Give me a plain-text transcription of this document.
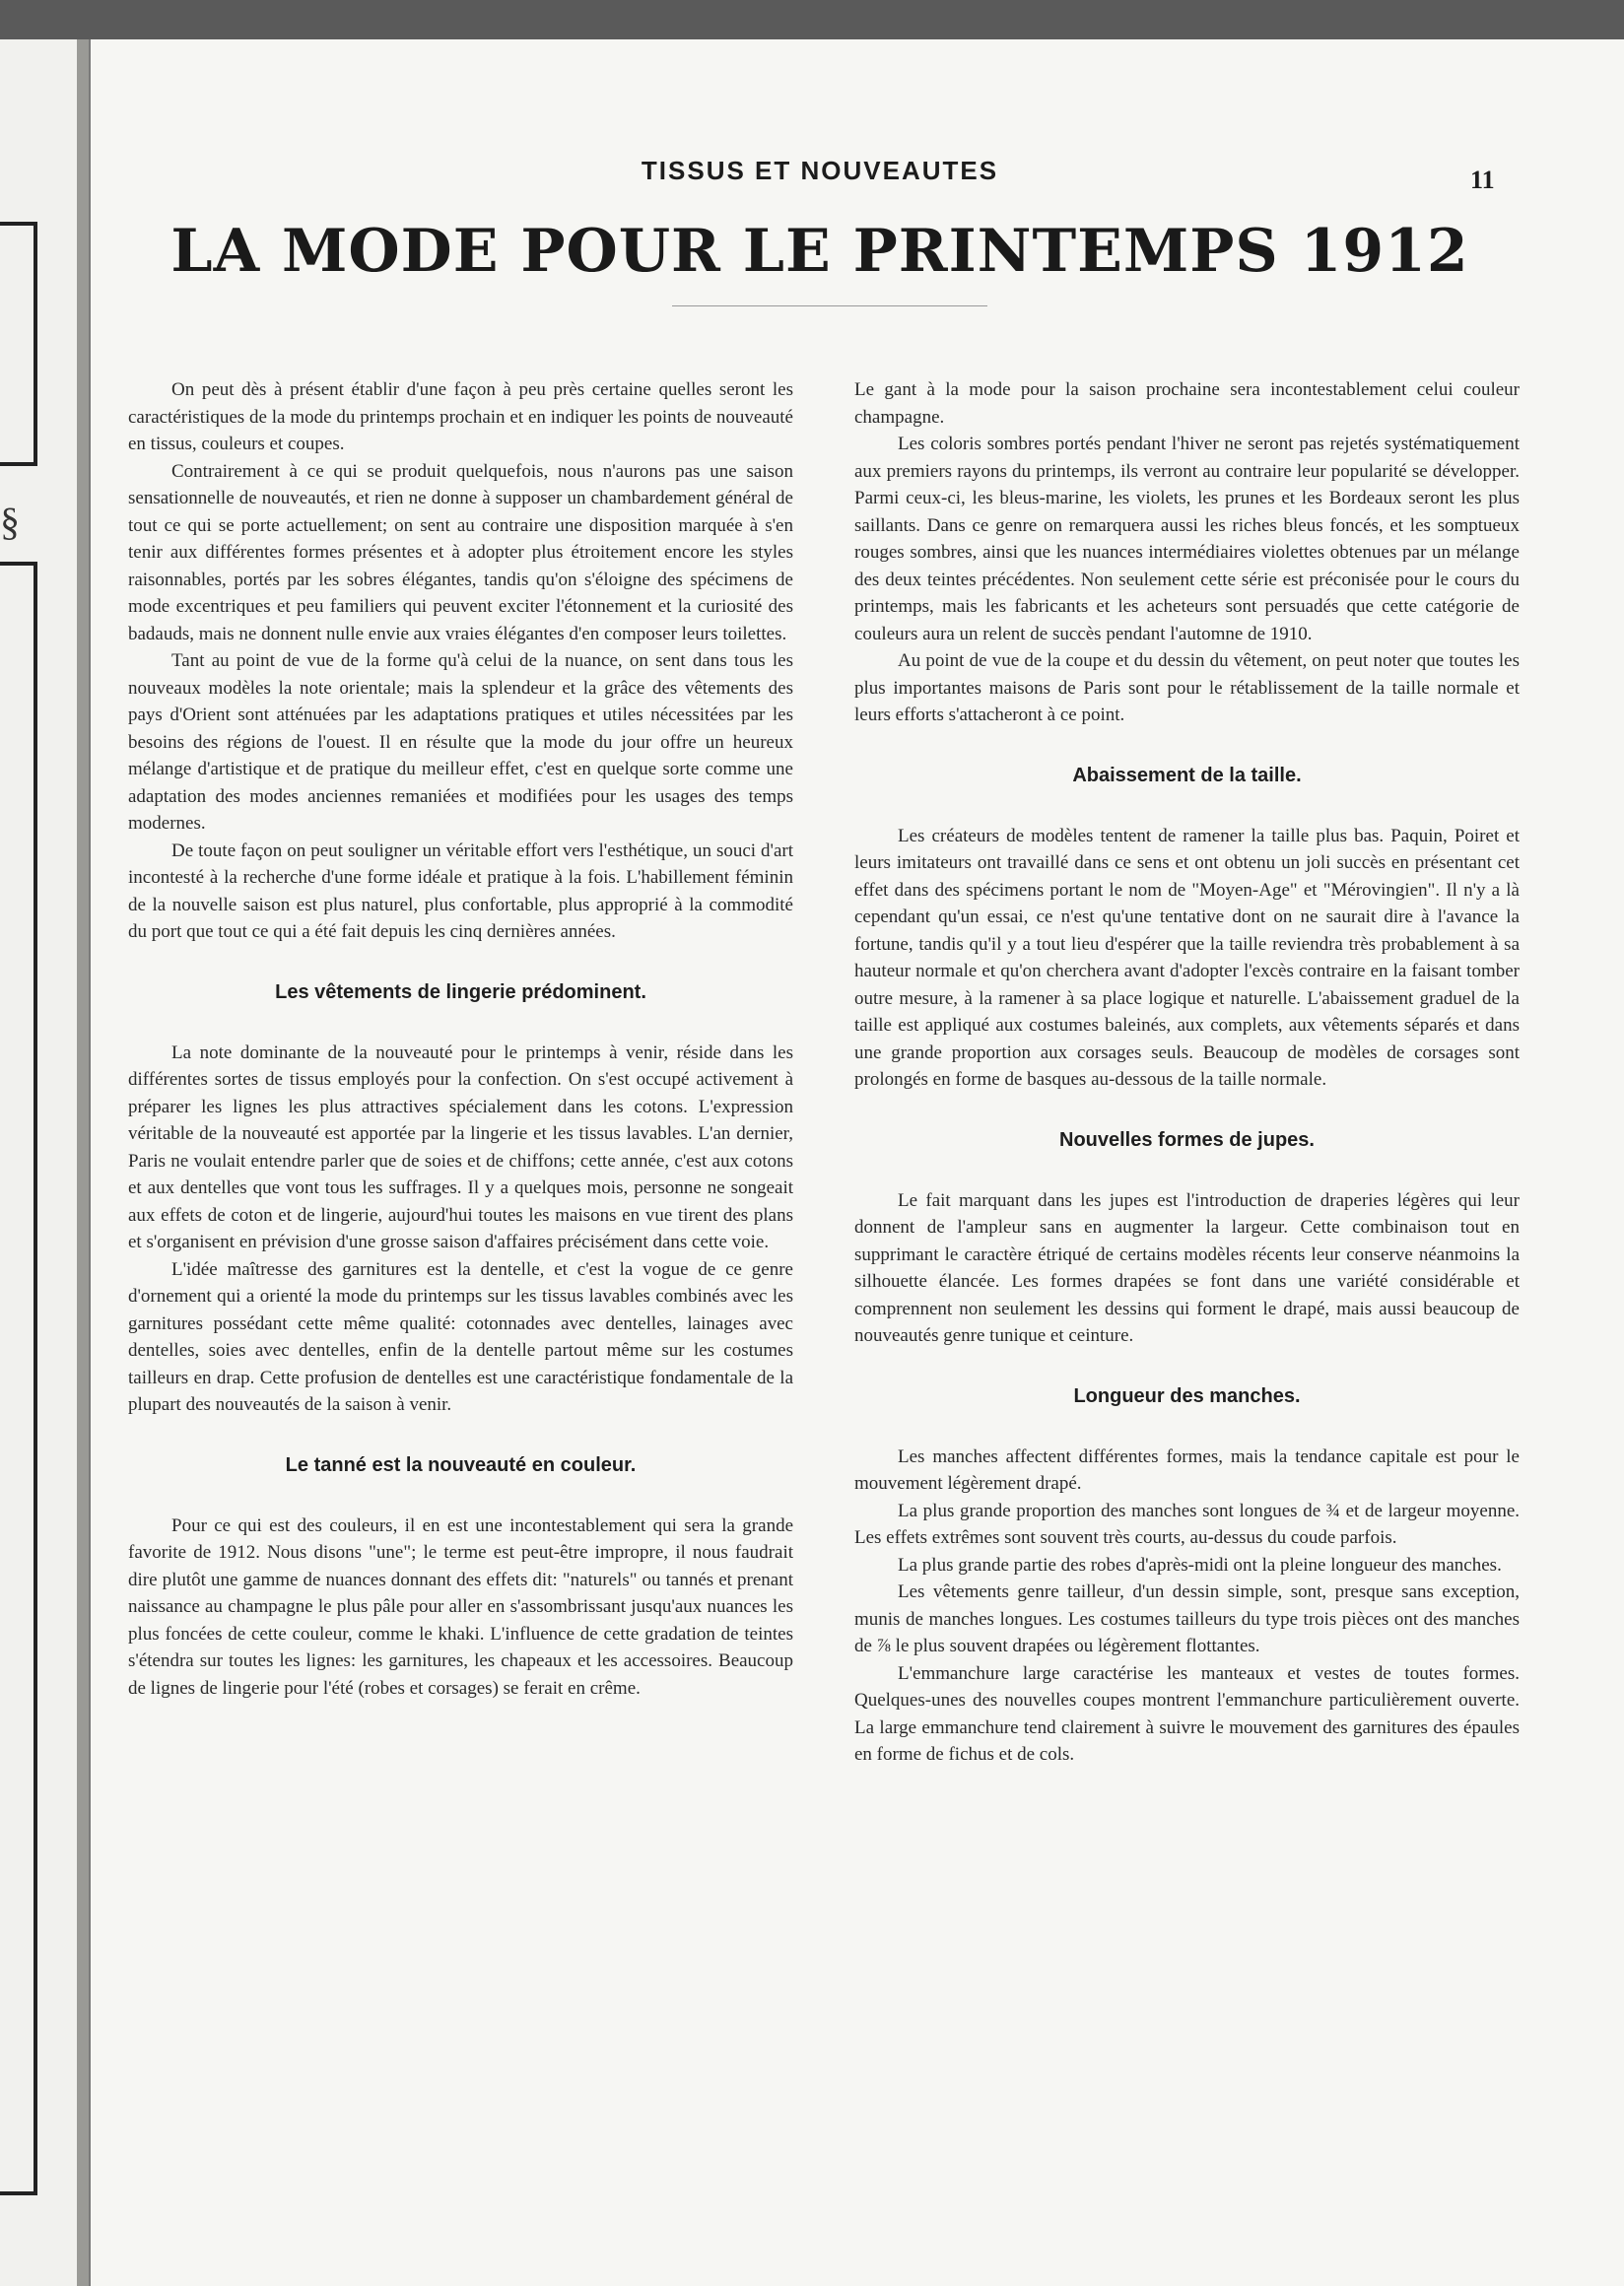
§
TISSUS ET NOUVEAUTES	11
LA MODE POUR LE PRINTEMPS 1912

On peut dès à présent établir d'une façon à peu près certaine quelles seront les caractéristiques de la mode du printemps prochain et en indiquer les points de nouveauté en tissus, couleurs et coupes.

Contrairement à ce qui se produit quelquefois, nous n'aurons pas une saison sensationnelle de nouveautés, et rien ne donne à supposer un chambardement général de tout ce qui se porte actuellement; on sent au contraire une disposition marquée à s'en tenir aux différentes formes présentes et à adopter plus étroitement encore les styles raisonnables, portés par les sobres élégantes, tandis qu'on s'éloigne des spécimens de mode excentriques et peu familiers qui peuvent exciter l'étonnement et la curiosité des badauds, mais ne donnent nulle envie aux vraies élégantes d'en composer leurs toilettes.

Tant au point de vue de la forme qu'à celui de la nuance, on sent dans tous les nouveaux modèles la note orientale; mais la splendeur et la grâce des vêtements des pays d'Orient sont atténuées par les adaptations pratiques et utiles nécessitées par les besoins des régions de l'ouest. Il en résulte que la mode du jour offre un heureux mélange d'artistique et de pratique du meilleur effet, c'est en quelque sorte comme une adaptation des modes anciennes remaniées et modifiées pour les usages des temps modernes.

De toute façon on peut souligner un véritable effort vers l'esthétique, un souci d'art incontesté à la recherche d'une forme idéale et pratique à la fois. L'habillement féminin de la nouvelle saison est plus naturel, plus confortable, plus approprié à la commodité du port que tout ce qui a été fait depuis les cinq dernières années.

Les vêtements de lingerie prédominent.

La note dominante de la nouveauté pour le printemps à venir, réside dans les différentes sortes de tissus employés pour la confection. On s'est occupé activement à préparer les lignes les plus attractives spécialement dans les cotons. L'expression véritable de la nouveauté est apportée par la lingerie et les tissus lavables. L'an dernier, Paris ne voulait entendre parler que de soies et de chiffons; cette année, c'est aux cotons et aux dentelles que vont tous les suffrages. Il y a quelques mois, personne ne songeait aux effets de coton et de lingerie, aujourd'hui toutes les maisons en vue tirent des plans et s'organisent en prévision d'une grosse saison d'affaires précisément dans cette voie.

L'idée maîtresse des garnitures est la dentelle, et c'est la vogue de ce genre d'ornement qui a orienté la mode du printemps sur les tissus lavables combinés avec les garnitures possédant cette même qualité: cotonnades avec dentelles, lainages avec dentelles, soies avec dentelles, enfin de la dentelle partout même sur les costumes tailleurs en drap. Cette profusion de dentelles est une caractéristique fondamentale de la plupart des nouveautés de la saison à venir.

Le tanné est la nouveauté en couleur.

Pour ce qui est des couleurs, il en est une incontestablement qui sera la grande favorite de 1912. Nous disons "une"; le terme est peut-être impropre, il nous faudrait dire plutôt une gamme de nuances donnant des effets dit: "naturels" ou tannés et prenant naissance au champagne le plus pâle pour aller en s'assombrissant jusqu'aux nuances les plus foncées de cette couleur, comme le khaki. L'influence de cette gradation de teintes s'étendra sur toutes les lignes: les garnitures, les chapeaux et les accessoires. Beaucoup de lignes de lingerie pour l'été (robes et corsages) se ferait en crême.

Le gant à la mode pour la saison prochaine sera incontestablement celui couleur champagne.

Les coloris sombres portés pendant l'hiver ne seront pas rejetés systématiquement aux premiers rayons du printemps, ils verront au contraire leur popularité se développer. Parmi ceux-ci, les bleus-marine, les violets, les prunes et les Bordeaux seront les plus saillants. Dans ce genre on remarquera aussi les riches bleus foncés, et les somptueux rouges sombres, ainsi que les nuances intermédiaires violettes obtenues par un mélange des deux teintes précédentes. Non seulement cette série est préconisée pour le cours du printemps, mais les fabricants et les acheteurs sont persuadés que cette catégorie de couleurs aura un relent de succès pendant l'automne de 1910.

Au point de vue de la coupe et du dessin du vêtement, on peut noter que toutes les plus importantes maisons de Paris sont pour le rétablissement de la taille normale et leurs efforts s'attacheront à ce point.

Abaissement de la taille.

Les créateurs de modèles tentent de ramener la taille plus bas. Paquin, Poiret et leurs imitateurs ont travaillé dans ce sens et ont obtenu un joli succès en présentant cet effet dans des spécimens portant le nom de "Moyen-Age" et "Mérovingien". Il n'y a là cependant qu'un essai, ce n'est qu'une tentative dont on ne saurait dire à l'avance la fortune, tandis qu'il y a tout lieu d'espérer que la taille reviendra très probablement à sa hauteur normale et qu'on cherchera avant d'adopter l'excès contraire en la faisant tomber outre mesure, à la ramener à sa place logique et naturelle. L'abaissement graduel de la taille est appliqué aux costumes baleinés, aux complets, aux vêtements séparés et dans une grande proportion aux corsages seuls. Beaucoup de modèles de corsages sont prolongés en forme de basques au-dessous de la taille normale.

Nouvelles formes de jupes.

Le fait marquant dans les jupes est l'introduction de draperies légères qui leur donnent de l'ampleur sans en augmenter la largeur. Cette combinaison tout en supprimant le caractère étriqué de certains modèles récents leur conserve néanmoins la silhouette élancée. Les formes drapées se font dans une variété considérable et comprennent non seulement les dessins qui forment le drapé, mais aussi beaucoup de nouveautés genre tunique et ceinture.

Longueur des manches.

Les manches affectent différentes formes, mais la tendance capitale est pour le mouvement légèrement drapé.

La plus grande proportion des manches sont longues de ¾ et de largeur moyenne. Les effets extrêmes sont souvent très courts, au-dessus du coude parfois.

La plus grande partie des robes d'après-midi ont la pleine longueur des manches.

Les vêtements genre tailleur, d'un dessin simple, sont, presque sans exception, munis de manches longues. Les costumes tailleurs du type trois pièces ont des manches de ⅞ le plus souvent drapées ou légèrement flottantes.

L'emmanchure large caractérise les manteaux et vestes de toutes formes. Quelques-unes des nouvelles coupes montrent l'emmanchure particulièrement ouverte. La large emmanchure tend clairement à suivre le mouvement des garnitures des épaules en forme de fichus et de cols.
